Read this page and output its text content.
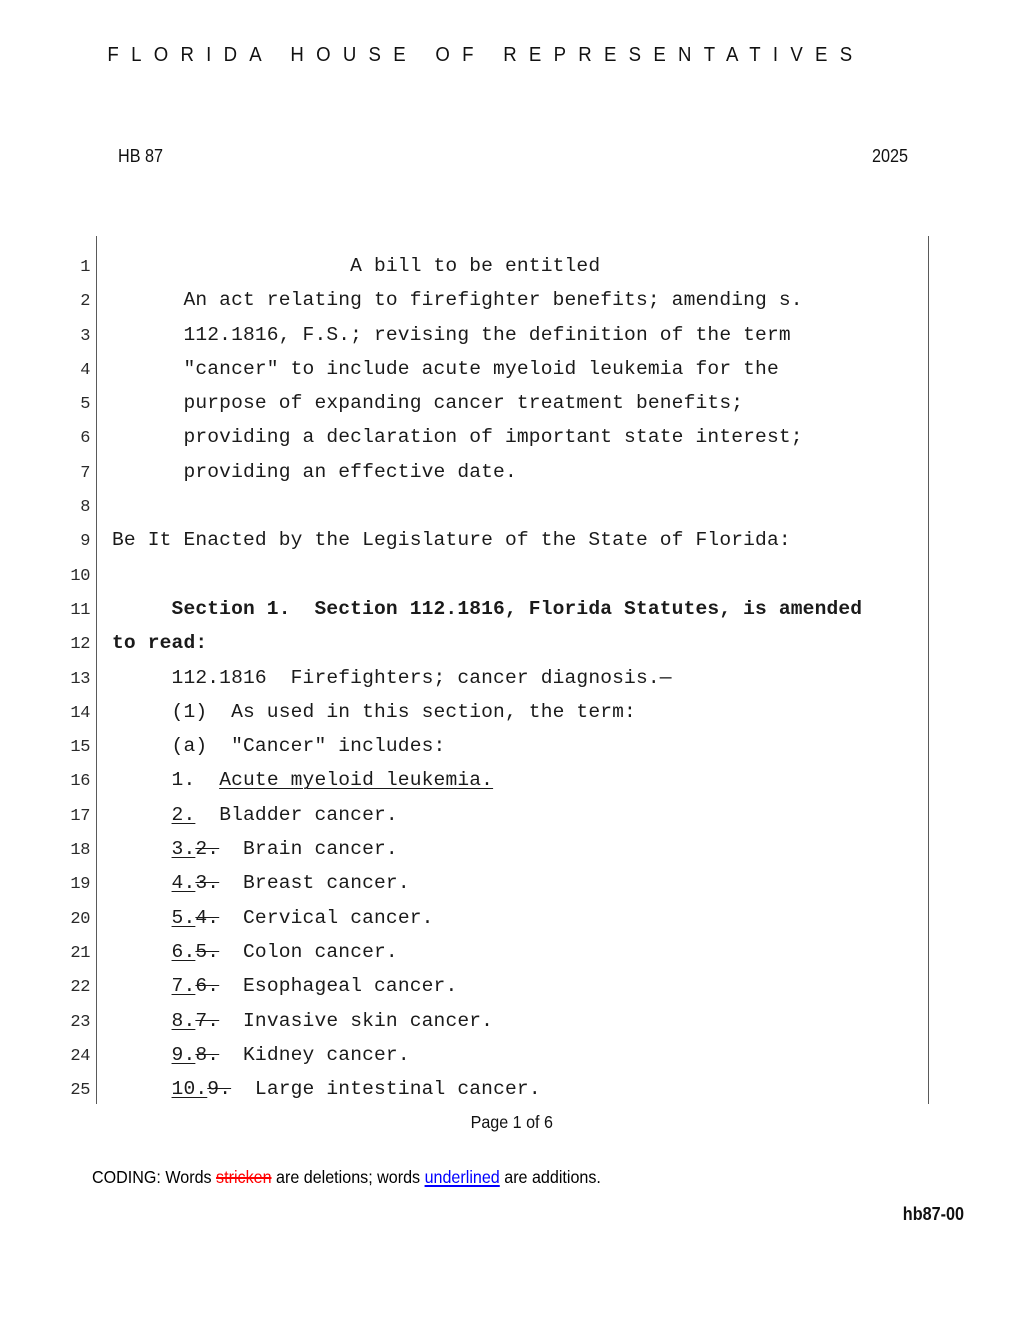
FLORIDA HOUSE OF REPRESENTATIVES
HB 87	2025
1 A bill to be entitled
2 An act relating to firefighter benefits; amending s.
3 112.1816, F.S.; revising the definition of the term
4 "cancer" to include acute myeloid leukemia for the
5 purpose of expanding cancer treatment benefits;
6 providing a declaration of important state interest;
7 providing an effective date.
8
9 Be It Enacted by the Legislature of the State of Florida:
10
11 Section 1.  Section 112.1816, Florida Statutes, is amended
12 to read:
13 112.1816  Firefighters; cancer diagnosis.—
14 (1)  As used in this section, the term:
15 (a)  "Cancer" includes:
16 1.  Acute myeloid leukemia.
17	2.  Bladder cancer.
18	3.2.  Brain cancer.
19	4.3.  Breast cancer.
20	5.4.  Cervical cancer.
21	6.5.  Colon cancer.
22	7.6.  Esophageal cancer.
23	8.7.  Invasive skin cancer.
24	9.8.  Kidney cancer.
25	10.9.  Large intestinal cancer.
Page 1 of 6
CODING: Words stricken are deletions; words underlined are additions.
hb87-00
